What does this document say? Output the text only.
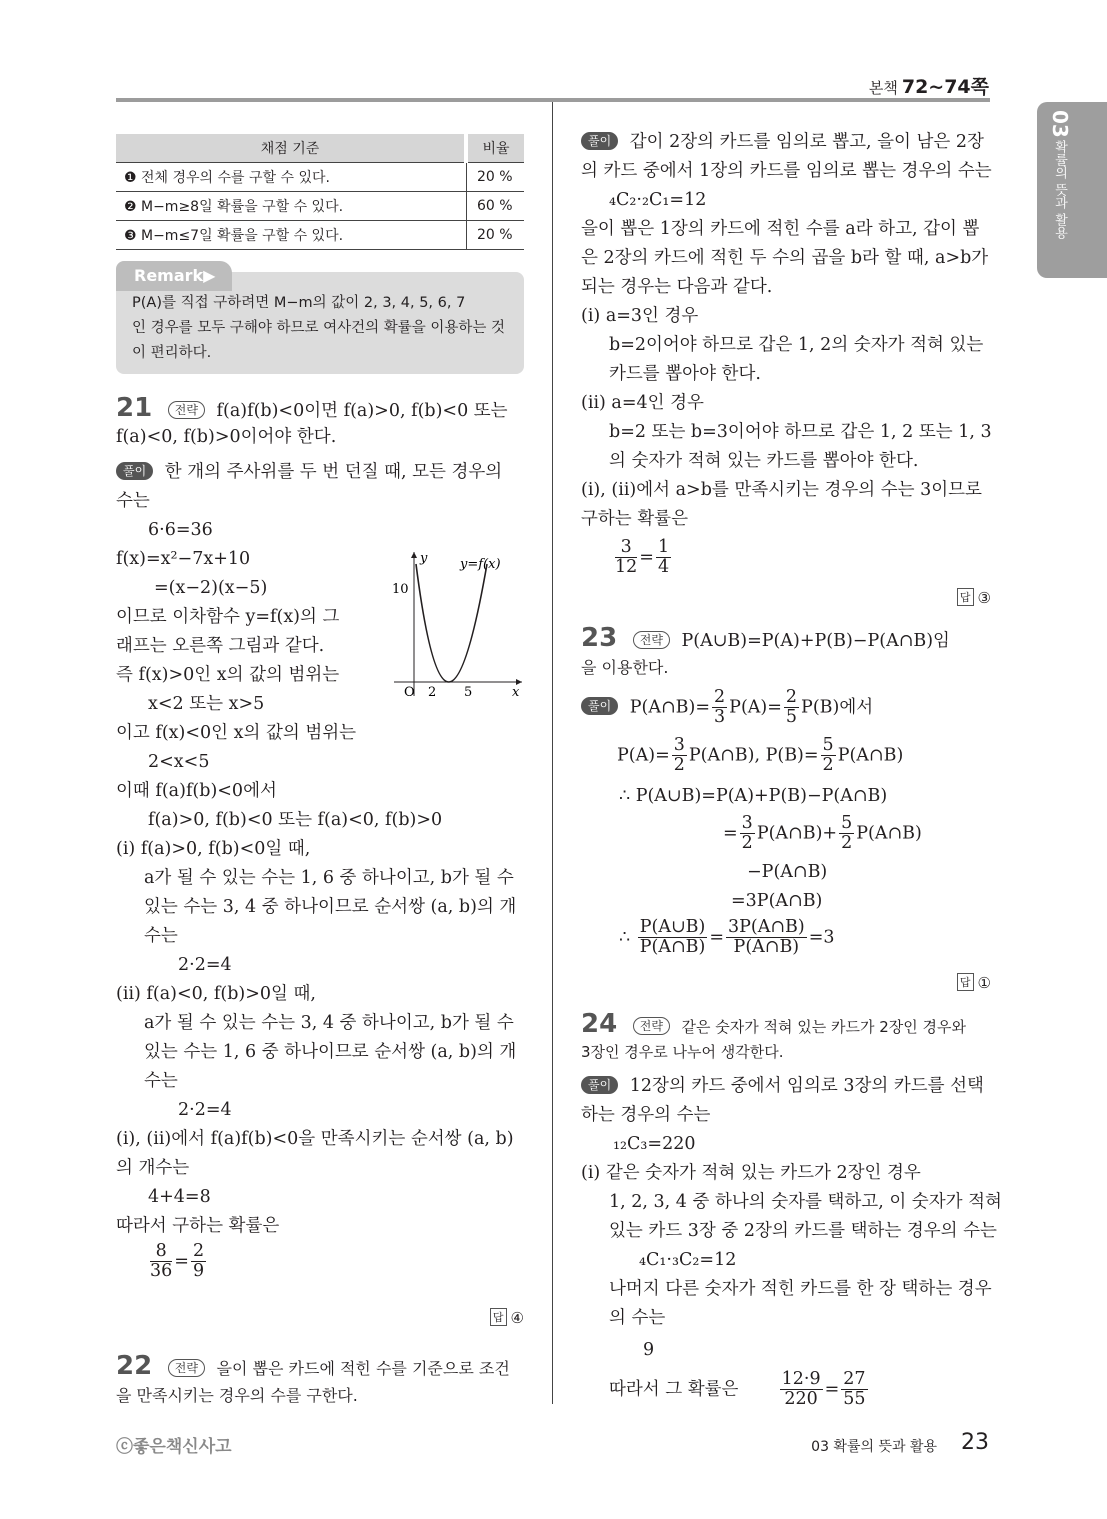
본책 72~74쪽
03
확률의 뜻과 활용
채점 기준	비율
❶ 전체 경우의 수를 구할 수 있다.	20 %
❷ M−m≥8일 확률을 구할 수 있다.	60 %
❸ M−m≤7일 확률을 구할 수 있다.	20 %
Remark▶
P(A)를 직접 구하려면 M−m의 값이 2, 3, 4, 5, 6, 7
인 경우를 모두 구해야 하므로 여사건의 확률을 이용하는 것
이 편리하다.
21 전략 f(a)f(b)<0이면 f(a)>0, f(b)<0 또는
f(a)<0, f(b)>0이어야 한다.
풀이 한 개의 주사위를 두 번 던질 때, 모든 경우의
수는
6·6=36
f(x)=x²−7x+10
=(x−2)(x−5)
이므로 이차함수 y=f(x)의 그
래프는 오른쪽 그림과 같다.
즉 f(x)>0인 x의 값의 범위는
x<2 또는 x>5
이고 f(x)<0인 x의 값의 범위는
2<x<5
이때 f(a)f(b)<0에서
f(a)>0, f(b)<0 또는 f(a)<0, f(b)>0
(ⅰ) f(a)>0, f(b)<0일 때,
a가 될 수 있는 수는 1, 6 중 하나이고, b가 될 수
있는 수는 3, 4 중 하나이므로 순서쌍 (a, b)의 개
수는
2·2=4
(ⅱ) f(a)<0, f(b)>0일 때,
a가 될 수 있는 수는 3, 4 중 하나이고, b가 될 수
있는 수는 1, 6 중 하나이므로 순서쌍 (a, b)의 개
수는
2·2=4
(ⅰ), (ⅱ)에서 f(a)f(b)<0을 만족시키는 순서쌍 (a, b)
의 개수는
4+4=8
따라서 구하는 확률은
$\frac{8}{36} = \frac{2}{9}$
답 ④
y	y=f(x)
10
O 2 5	x
22 전략 을이 뽑은 카드에 적힌 수를 기준으로 조건
을 만족시키는 경우의 수를 구한다.
풀이 갑이 2장의 카드를 임의로 뽑고, 을이 남은 2장
의 카드 중에서 1장의 카드를 임의로 뽑는 경우의 수는
₄C₂·₂C₁=12
을이 뽑은 1장의 카드에 적힌 수를 a라 하고, 갑이 뽑
은 2장의 카드에 적힌 두 수의 곱을 b라 할 때, a>b가
되는 경우는 다음과 같다.
(ⅰ) a=3인 경우
b=2이어야 하므로 갑은 1, 2의 숫자가 적혀 있는
카드를 뽑아야 한다.
(ⅱ) a=4인 경우
b=2 또는 b=3이어야 하므로 갑은 1, 2 또는 1, 3
의 숫자가 적혀 있는 카드를 뽑아야 한다.
(ⅰ), (ⅱ)에서 a>b를 만족시키는 경우의 수는 3이므로
구하는 확률은
$\frac{3}{12} = \frac{1}{4}$
답 ③
23 전략 P(A∪B)=P(A)+P(B)−P(A∩B)임
을 이용한다.
풀이 P(A∩B)= $\frac{2}{3} P(A)= \frac{2}{5} P(B)$에서
$P(A)= \frac{3}{2}$ P(A∩B), $P(B)= \frac{5}{2}$ P(A∩B)
∴ P(A∪B)=P(A)+P(B)−P(A∩B)
= $\frac{3}{2}$ P(A∩B)+ $\frac{5}{2}$ P(A∩B)
−P(A∩B)
=3P(A∩B)
∴ $\frac{P(A\cup B)}{P(A\cap B)} = \frac{3P(A\cap B)}{P(A\cap B)} =3$
답 ①
24 전략 같은 숫자가 적혀 있는 카드가 2장인 경우와
3장인 경우로 나누어 생각한다.
풀이 12장의 카드 중에서 임의로 3장의 카드를 선택
하는 경우의 수는
₁₂C₃=220
(ⅰ) 같은 숫자가 적혀 있는 카드가 2장인 경우
1, 2, 3, 4 중 하나의 숫자를 택하고, 이 숫자가 적혀
있는 카드 3장 중 2장의 카드를 택하는 경우의 수는
₄C₁·₃C₂=12
나머지 다른 숫자가 적힌 카드를 한 장 택하는 경우
의 수는
9
따라서 그 확률은 $\frac{12\cdot 9}{220} = \frac{27}{55}$
ⓒ좋은책신사고	03 확률의 뜻과 활용 23
